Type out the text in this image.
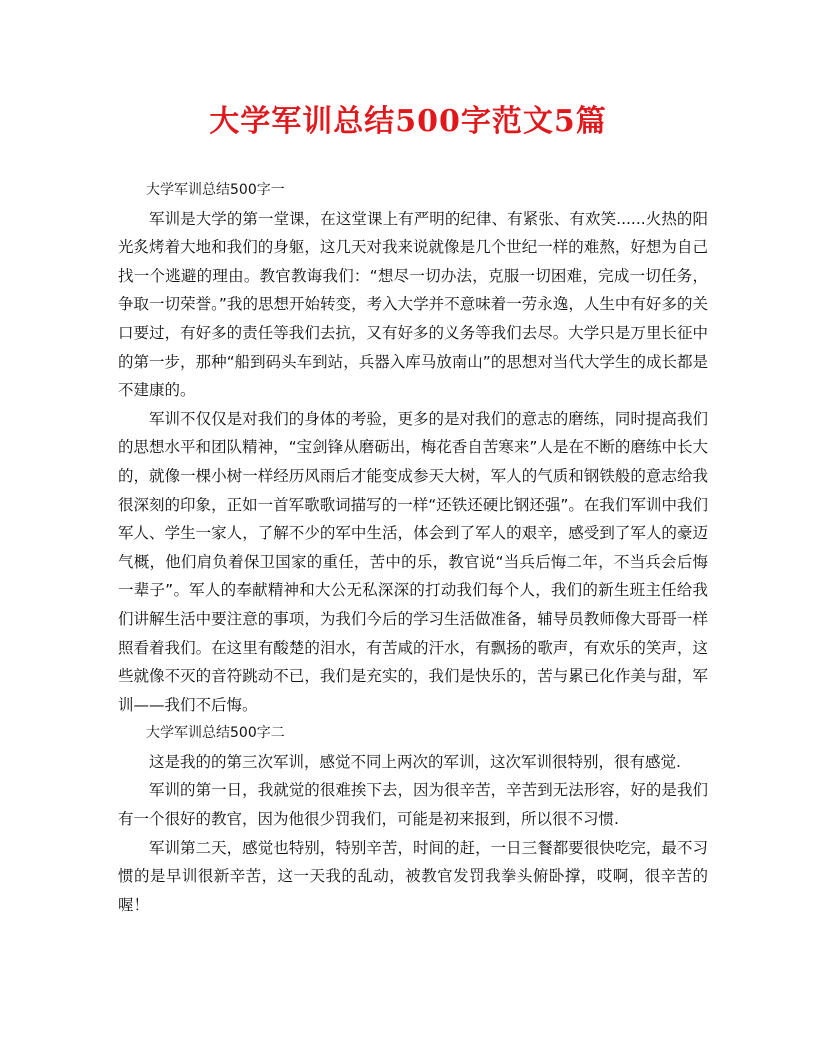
大学军训总结500字范文5篇

大学军训总结500字一

军训是大学的第一堂课，在这堂课上有严明的纪律、有紧张、有欢笑......火热的阳光炙烤着大地和我们的身躯，这几天对我来说就像是几个世纪一样的难熬，好想为自己找一个逃避的理由。教官教诲我们：“想尽一切办法，克服一切困难，完成一切任务，争取一切荣誉。”我的思想开始转变，考入大学并不意味着一劳永逸，人生中有好多的关口要过，有好多的责任等我们去抗，又有好多的义务等我们去尽。大学只是万里长征中的第一步，那种“船到码头车到站，兵器入库马放南山”的思想对当代大学生的成长都是不建康的。

军训不仅仅是对我们的身体的考验，更多的是对我们的意志的磨练，同时提高我们的思想水平和团队精神，“宝剑锋从磨砺出，梅花香自苦寒来”人是在不断的磨练中长大的，就像一棵小树一样经历风雨后才能变成参天大树，军人的气质和钢铁般的意志给我很深刻的印象，正如一首军歌歌词描写的一样“还铁还硬比钢还强”。在我们军训中我们军人、学生一家人，了解不少的军中生活，体会到了军人的艰辛，感受到了军人的豪迈气概，他们肩负着保卫国家的重任，苦中的乐，教官说“当兵后悔二年，不当兵会后悔一辈子”。军人的奉献精神和大公无私深深的打动我们每个人，我们的新生班主任给我们讲解生活中要注意的事项，为我们今后的学习生活做准备，辅导员教师像大哥哥一样照看着我们。在这里有酸楚的泪水，有苦咸的汗水，有飘扬的歌声，有欢乐的笑声，这些就像不灭的音符跳动不已，我们是充实的，我们是快乐的，苦与累已化作美与甜，军训——我们不后悔。

大学军训总结500字二

这是我的的第三次军训，感觉不同上两次的军训，这次军训很特别，很有感觉.

军训的第一日，我就觉的很难挨下去，因为很辛苦，辛苦到无法形容，好的是我们有一个很好的教官，因为他很少罚我们，可能是初来报到，所以很不习惯.

军训第二天，感觉也特别，特别辛苦，时间的赶，一日三餐都要很快吃完，最不习惯的是早训很新辛苦，这一天我的乱动，被教官发罚我拳头俯卧撑，哎啊，很辛苦的喔！
